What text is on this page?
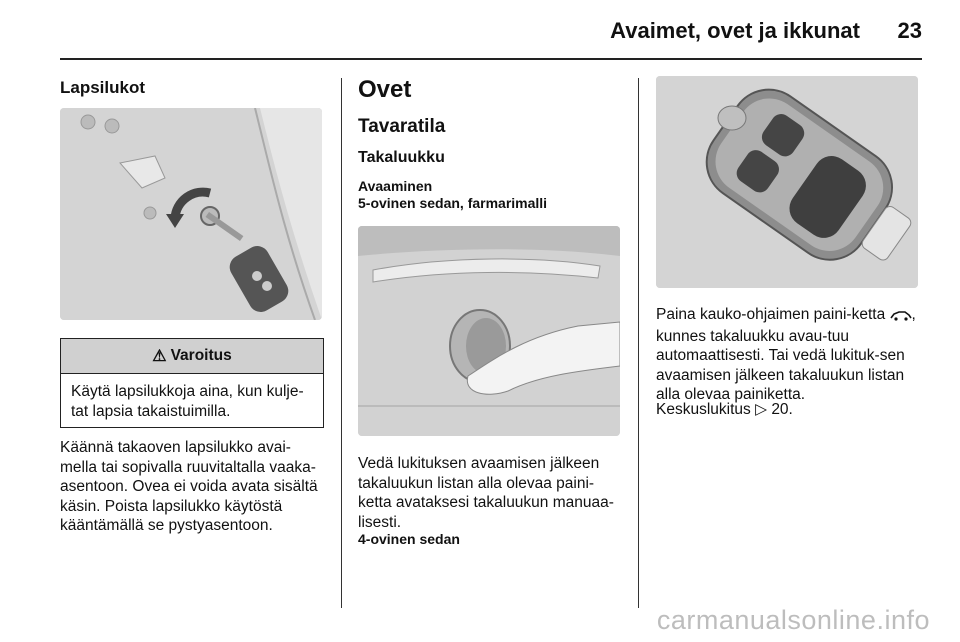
Avaimet, ovet ja ikkunat 23
Lapsilukot
⚠ Varoitus
Käytä lapsilukkoja aina, kun kulje-tat lapsia takaistuimilla.
Käännä takaoven lapsilukko avai-mella tai sopivalla ruuvitaltalla vaaka-asentoon. Ovea ei voida avata sisältä käsin. Poista lapsilukko käytöstä kääntämällä se pystyasentoon.
Ovet
Tavaratila
Takaluukku
Avaaminen
5-ovinen sedan, farmarimalli
Vedä lukituksen avaamisen jälkeen takaluukun listan alla olevaa paini-ketta avataksesi takaluukun manuaa-lisesti.
4-ovinen sedan
Paina kauko-ohjaimen paini-ketta , kunnes takaluukku avau-tuu automaattisesti. Tai vedä lukituk-sen avaamisen jälkeen takaluukun listan alla olevaa painiketta.
Keskuslukitus ▷ 20.
carmanualsonline.info
